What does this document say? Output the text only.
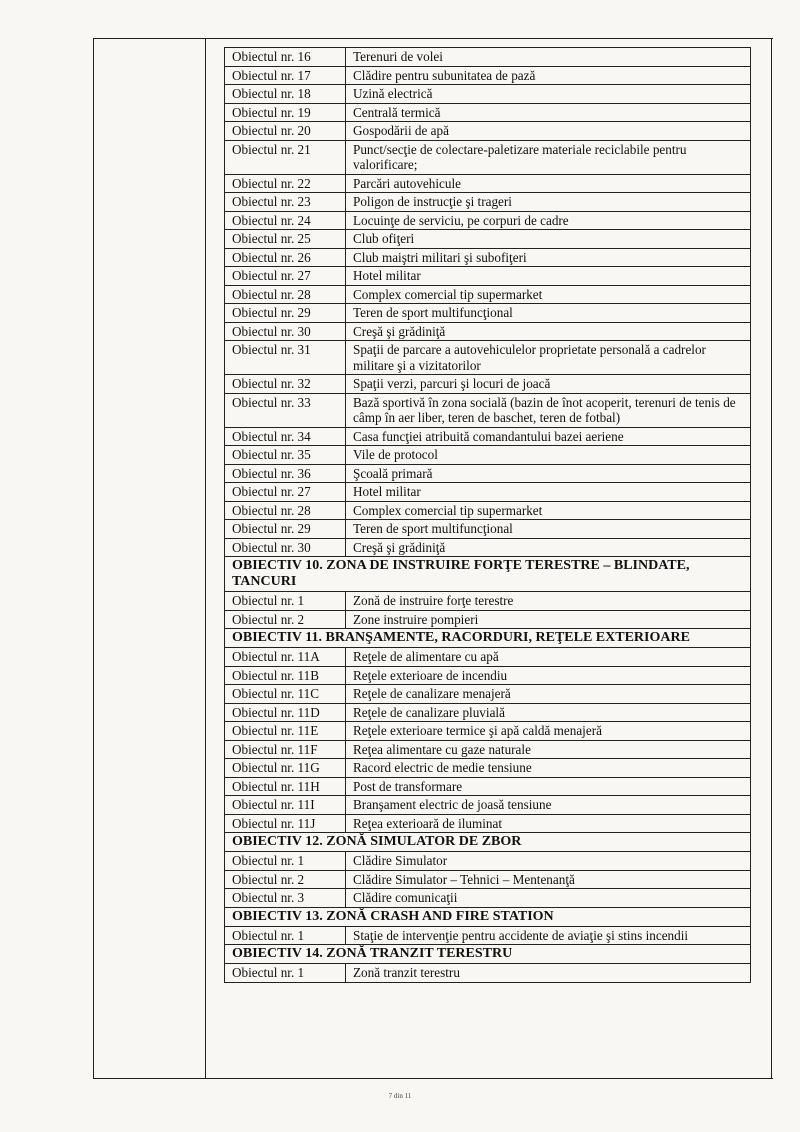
Obiectul nr. 16	Terenuri de volei
Obiectul nr. 17	Clădire pentru subunitatea de pază
Obiectul nr. 18	Uzină electrică
Obiectul nr. 19	Centrală termică
Obiectul nr. 20	Gospodării de apă
Obiectul nr. 21	Punct/secţie de colectare-paletizare materiale reciclabile pentru valorificare;
Obiectul nr. 22	Parcări autovehicule
Obiectul nr. 23	Poligon de instrucţie şi trageri
Obiectul nr. 24	Locuinţe de serviciu, pe corpuri de cadre
Obiectul nr. 25	Club ofiţeri
Obiectul nr. 26	Club maiştri militari şi subofiţeri
Obiectul nr. 27	Hotel militar
Obiectul nr. 28	Complex comercial tip supermarket
Obiectul nr. 29	Teren de sport multifuncţional
Obiectul nr. 30	Creşă şi grădiniţă
Obiectul nr. 31	Spaţii de parcare a autovehiculelor proprietate personală a cadrelor militare şi a vizitatorilor
Obiectul nr. 32	Spaţii verzi, parcuri şi locuri de joacă
Obiectul nr. 33	Bază sportivă în zona socială (bazin de înot acoperit, terenuri de tenis de câmp în aer liber, teren de baschet, teren de fotbal)
Obiectul nr. 34	Casa funcţiei atribuită comandantului bazei aeriene
Obiectul nr. 35	Vile de protocol
Obiectul nr. 36	Şcoală primară
Obiectul nr. 27	Hotel militar
Obiectul nr. 28	Complex comercial tip supermarket
Obiectul nr. 29	Teren de sport multifuncţional
Obiectul nr. 30	Creşă şi grădiniţă
OBIECTIV 10. ZONA DE INSTRUIRE FORŢE TERESTRE – BLINDATE, TANCURI	
Obiectul nr. 1	Zonă de instruire forţe terestre
Obiectul nr. 2	Zone instruire pompieri
OBIECTIV 11. BRANŞAMENTE, RACORDURI, REŢELE EXTERIOARE	
Obiectul nr. 11A	Reţele de alimentare cu apă
Obiectul nr. 11B	Reţele exterioare de incendiu
Obiectul nr. 11C	Reţele de canalizare menajeră
Obiectul nr. 11D	Reţele de canalizare pluvială
Obiectul nr. 11E	Reţele exterioare termice şi apă caldă menajeră
Obiectul nr. 11F	Reţea alimentare cu gaze naturale
Obiectul nr. 11G	Racord electric de medie tensiune
Obiectul nr. 11H	Post de transformare
Obiectul nr. 11I	Branşament electric de joasă tensiune
Obiectul nr. 11J	Reţea exterioară de iluminat
OBIECTIV 12. ZONĂ SIMULATOR DE ZBOR	
Obiectul nr. 1	Clădire Simulator
Obiectul nr. 2	Clădire Simulator – Tehnici – Mentenanţă
Obiectul nr. 3	Clădire comunicaţii
OBIECTIV 13. ZONĂ CRASH AND FIRE STATION	
Obiectul nr. 1	Staţie de intervenţie pentru accidente de aviaţie şi stins incendii
OBIECTIV 14. ZONĂ TRANZIT TERESTRU	
Obiectul nr. 1	Zonă tranzit terestru
7 din 11
